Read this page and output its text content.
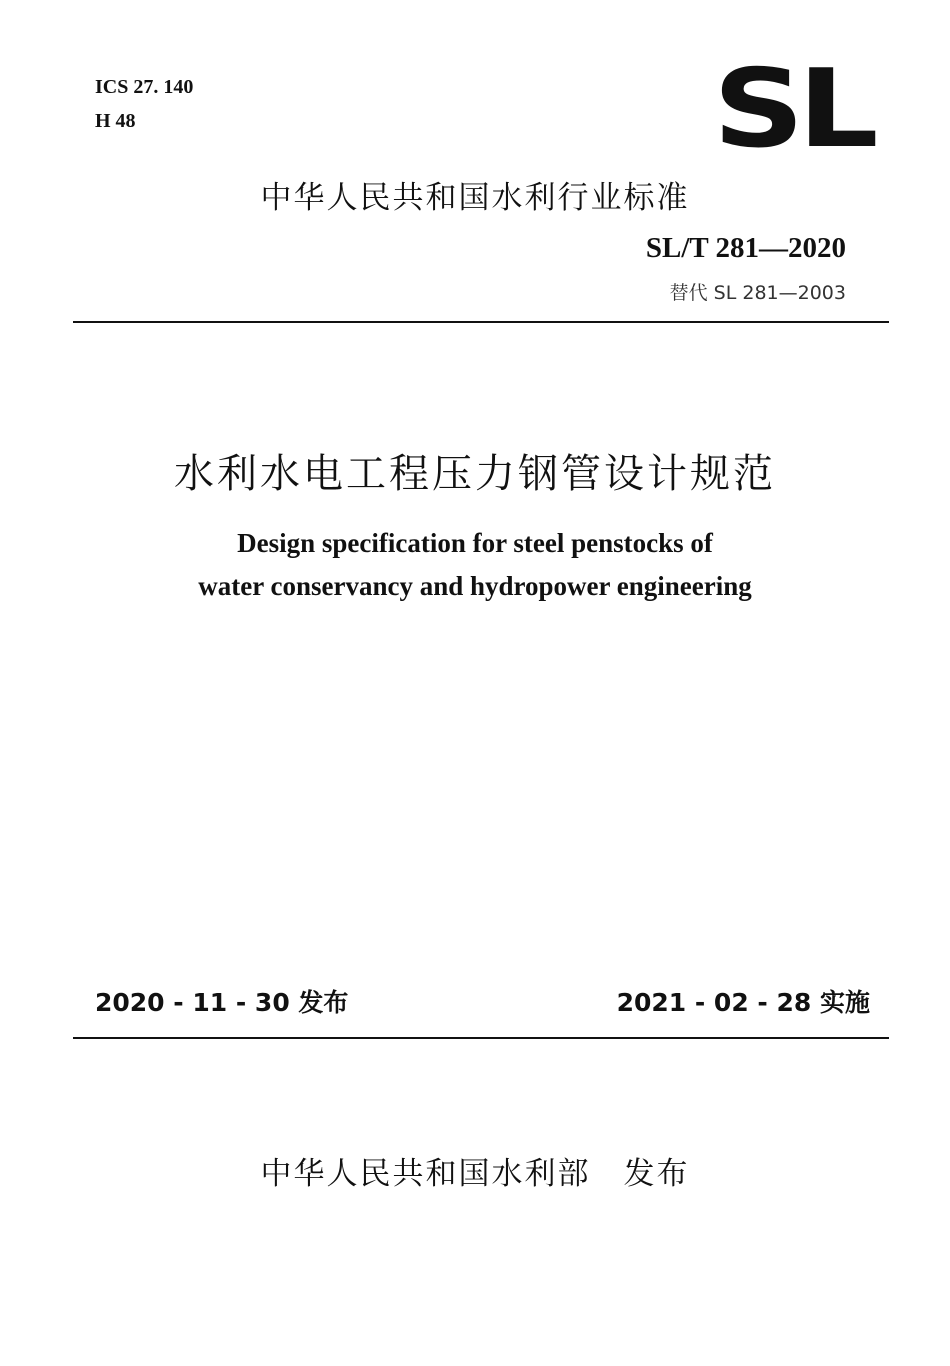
ICS 27. 140
H 48	SL
中华人民共和国水利行业标准
SL/T 281—2020
替代 SL 281—2003
水利水电工程压力钢管设计规范
Design specification for steel penstocks of
water conservancy and hydropower engineering
2020 - 11 - 30 发布	2021 - 02 - 28 实施
中华人民共和国水利部　发布
